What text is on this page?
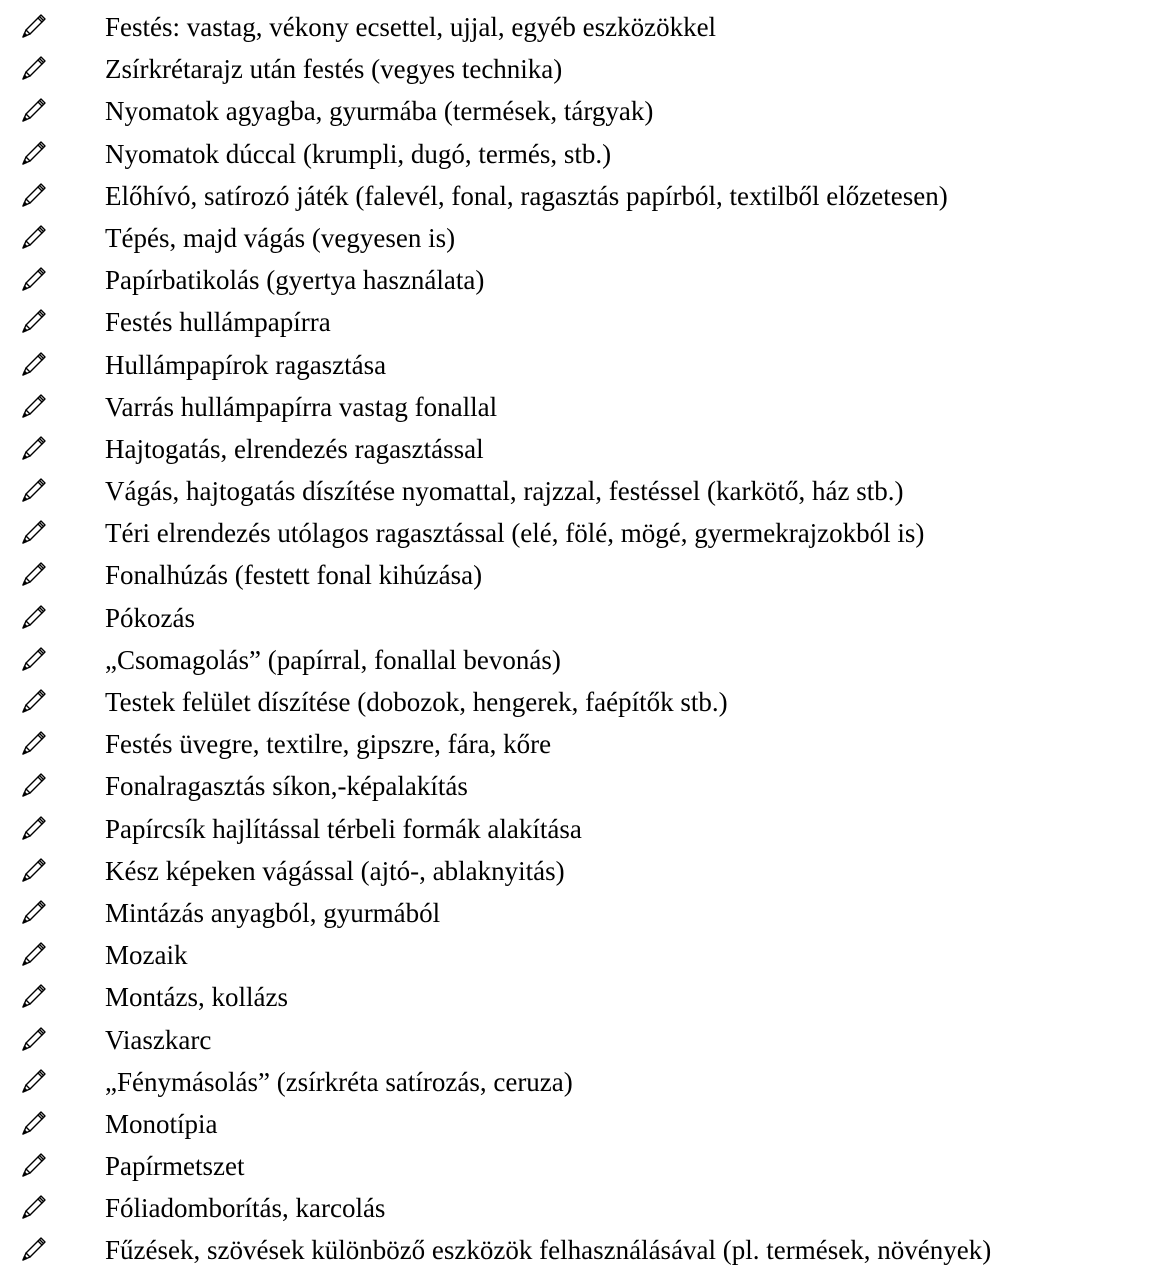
Festés: vastag, vékony ecsettel, ujjal, egyéb eszközökkel
Zsírkrétarajz után festés (vegyes technika)
Nyomatok agyagba, gyurmába (termések, tárgyak)
Nyomatok dúccal (krumpli, dugó, termés, stb.)
Előhívó, satírozó játék (falevél, fonal, ragasztás papírból, textilből előzetesen)
Tépés, majd vágás (vegyesen is)
Papírbatikolás (gyertya használata)
Festés hullámpapírra
Hullámpapírok ragasztása
Varrás hullámpapírra vastag fonallal
Hajtogatás, elrendezés ragasztással
Vágás, hajtogatás díszítése nyomattal, rajzzal, festéssel (karkötő, ház stb.)
Téri elrendezés utólagos ragasztással (elé, fölé, mögé, gyermekrajzokból is)
Fonalhúzás (festett fonal kihúzása)
Pókozás
„Csomagolás” (papírral, fonallal bevonás)
Testek felület díszítése (dobozok, hengerek, faépítők stb.)
Festés üvegre, textilre, gipszre, fára, kőre
Fonalragasztás síkon,-képalakítás
Papírcsík hajlítással térbeli formák alakítása
Kész képeken vágással (ajtó-, ablaknyitás)
Mintázás anyagból, gyurmából
Mozaik
Montázs, kollázs
Viaszkarc
„Fénymásolás” (zsírkréta satírozás, ceruza)
Monotípia
Papírmetszet
Fóliadomborítás, karcolás
Fűzések, szövések különböző eszközök felhasználásával (pl. termések, növények)
